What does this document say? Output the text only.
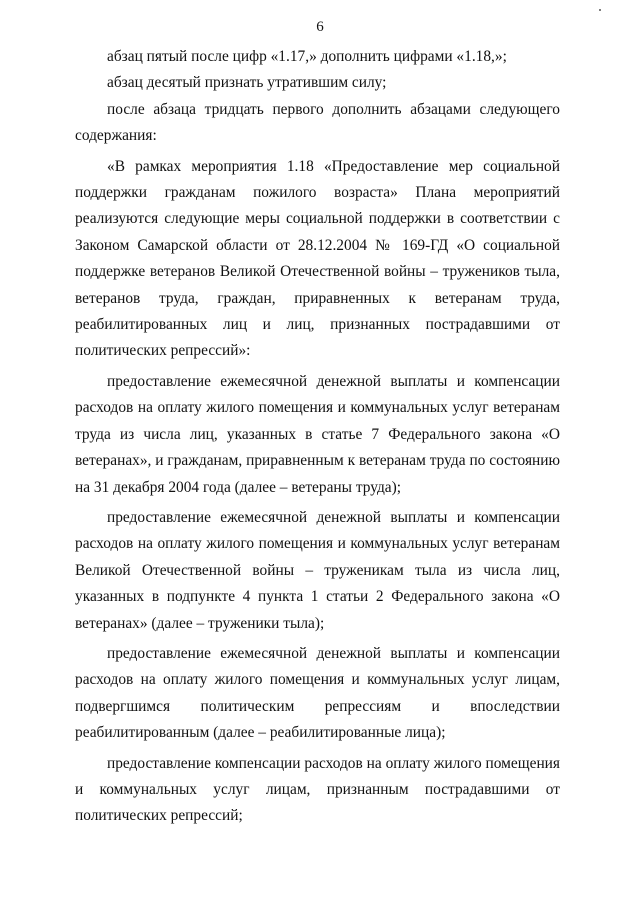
6

абзац пятый после цифр «1.17,» дополнить цифрами «1.18,»;

абзац десятый признать утратившим силу;

после абзаца тридцать первого дополнить абзацами следующего содержания:

«В рамках мероприятия 1.18 «Предоставление мер социальной поддержки гражданам пожилого возраста» Плана мероприятий реализуются следующие меры социальной поддержки в соответствии с Законом Самарской области от 28.12.2004 № 169-ГД «О социальной поддержке ветеранов Великой Отечественной войны – тружеников тыла, ветеранов труда, граждан, приравненных к ветеранам труда, реабилитированных лиц и лиц, признанных пострадавшими от политических репрессий»:

предоставление ежемесячной денежной выплаты и компенсации расходов на оплату жилого помещения и коммунальных услуг ветеранам труда из числа лиц, указанных в статье 7 Федерального закона «О ветеранах», и гражданам, приравненным к ветеранам труда по состоянию на 31 декабря 2004 года (далее – ветераны труда);

предоставление ежемесячной денежной выплаты и компенсации расходов на оплату жилого помещения и коммунальных услуг ветеранам Великой Отечественной войны – труженикам тыла из числа лиц, указанных в подпункте 4 пункта 1 статьи 2 Федерального закона «О ветеранах» (далее – труженики тыла);

предоставление ежемесячной денежной выплаты и компенсации расходов на оплату жилого помещения и коммунальных услуг лицам, подвергшимся политическим репрессиям и впоследствии реабилитированным (далее – реабилитированные лица);

предоставление компенсации расходов на оплату жилого помещения и коммунальных услуг лицам, признанным пострадавшими от политических репрессий;
